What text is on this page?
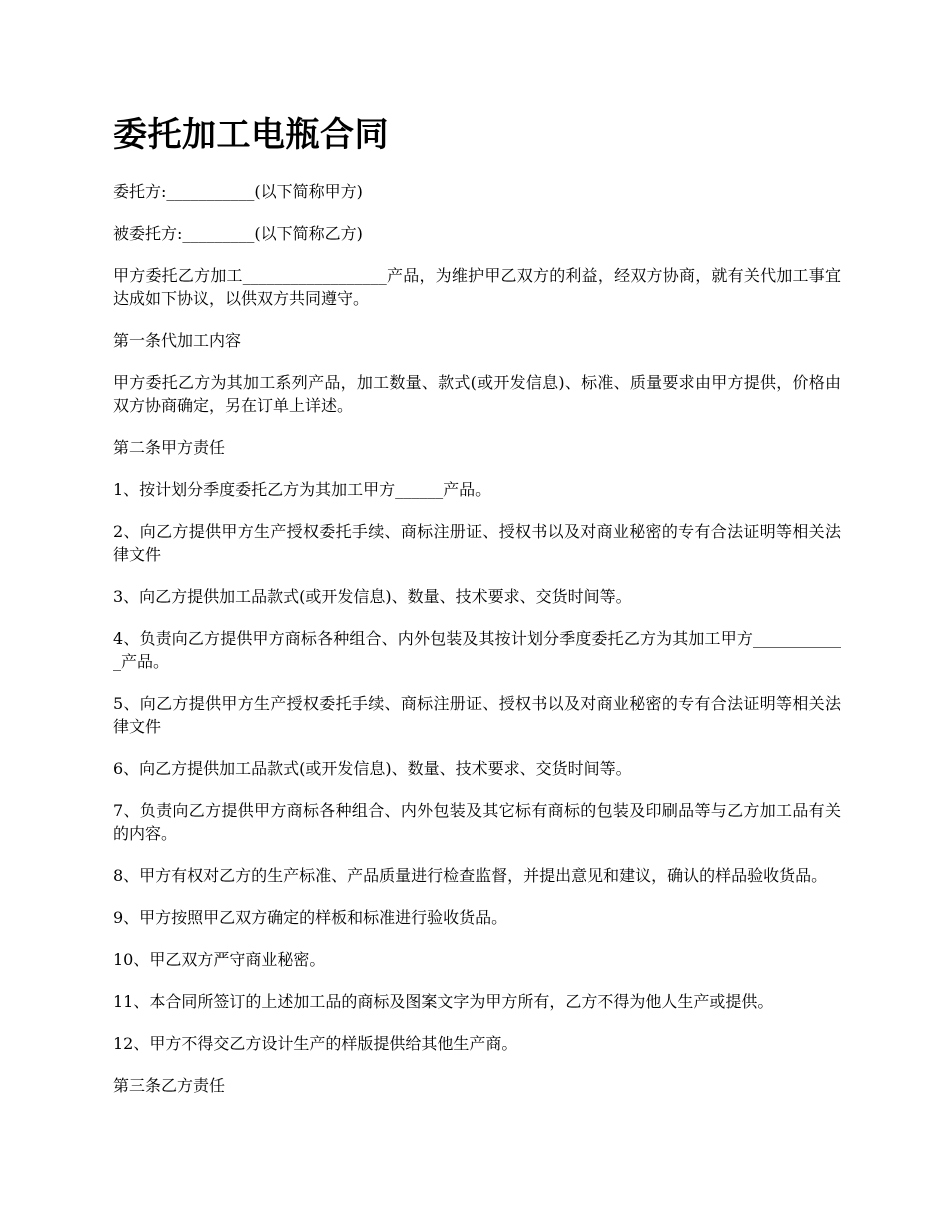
委托加工电瓶合同

委托方:___________(以下简称甲方)

被委托方:_________(以下简称乙方)

甲方委托乙方加工__________________产品，为维护甲乙双方的利益，经双方协商，就有关代加工事宜达成如下协议，以供双方共同遵守。

第一条代加工内容

甲方委托乙方为其加工系列产品，加工数量、款式(或开发信息)、标准、质量要求由甲方提供，价格由双方协商确定，另在订单上详述。

第二条甲方责任

1、按计划分季度委托乙方为其加工甲方______产品。

2、向乙方提供甲方生产授权委托手续、商标注册证、授权书以及对商业秘密的专有合法证明等相关法律文件

3、向乙方提供加工品款式(或开发信息)、数量、技术要求、交货时间等。

4、负责向乙方提供甲方商标各种组合、内外包装及其按计划分季度委托乙方为其加工甲方____________产品。

5、向乙方提供甲方生产授权委托手续、商标注册证、授权书以及对商业秘密的专有合法证明等相关法律文件

6、向乙方提供加工品款式(或开发信息)、数量、技术要求、交货时间等。

7、负责向乙方提供甲方商标各种组合、内外包装及其它标有商标的包装及印刷品等与乙方加工品有关的内容。

8、甲方有权对乙方的生产标准、产品质量进行检查监督，并提出意见和建议，确认的样品验收货品。

9、甲方按照甲乙双方确定的样板和标准进行验收货品。

10、甲乙双方严守商业秘密。

11、本合同所签订的上述加工品的商标及图案文字为甲方所有，乙方不得为他人生产或提供。

12、甲方不得交乙方设计生产的样版提供给其他生产商。

第三条乙方责任
